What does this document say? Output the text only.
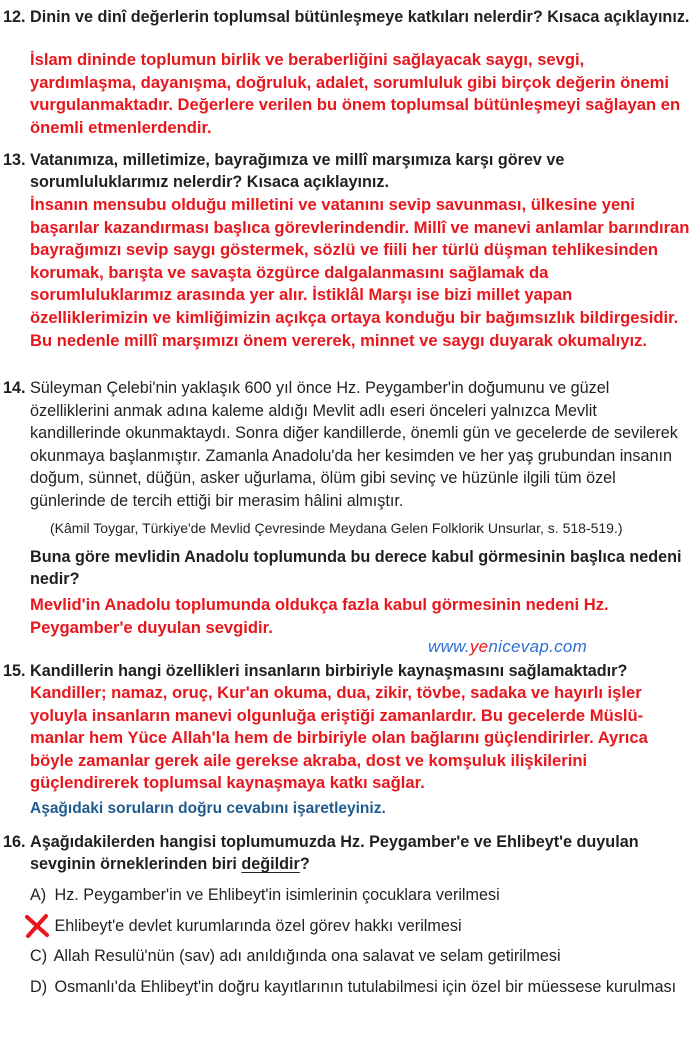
12. Dinin ve dinî değerlerin toplumsal bütünleşmeye katkıları nelerdir? Kısaca açıklayınız.
İslam dininde toplumun birlik ve beraberliğini sağlayacak saygı, sevgi, yardımlaşma, dayanışma, doğruluk, adalet, sorumluluk gibi birçok değerin önemi vurgulanmaktadır. Değerlere verilen bu önem toplumsal bütünleşmeyi sağlayan en önemli etmenlerdendir.
13. Vatanımıza, milletimize, bayrağımıza ve millî marşımıza karşı görev ve sorumluluklarımız nelerdir? Kısaca açıklayınız.
İnsanın mensubu olduğu milletini ve vatanını sevip savunması, ülkesine yeni başarılar kazandırması başlıca görevlerindendir. Millî ve manevi anlamlar barındıran bayrağımızı sevip saygı göstermek, sözlü ve fiili her türlü düşman tehlikesinden korumak, barışta ve savaşta özgürce dalgalanmasını sağlamak da sorumluluklarımız arasında yer alır. İstiklâl Marşı ise bizi millet yapan özelliklerimizin ve kimliğimizin açıkça ortaya konduğu bir bağımsızlık bildirgesidir. Bu nedenle millî marşımızı önem vererek, minnet ve saygı duyarak okumalıyız.
14. Süleyman Çelebi'nin yaklaşık 600 yıl önce Hz. Peygamber'in doğumunu ve güzel özelliklerini anmak adına kaleme aldığı Mevlit adlı eseri önceleri yalnızca Mevlit kandillerinde okunmaktaydı. Sonra diğer kandillerde, önemli gün ve gecelerde de sevilerek okunmaya başlanmıştır. Zamanla Anadolu'da her kesimden ve her yaş grubundan insanın doğum, sünnet, düğün, asker uğurlama, ölüm gibi sevinç ve hüzünle ilgili tüm özel günlerinde de tercih ettiği bir merasim hâlini almıştır.
(Kâmil Toygar, Türkiye'de Mevlid Çevresinde Meydana Gelen Folklorik Unsurlar, s. 518-519.)
Buna göre mevlidin Anadolu toplumunda bu derece kabul görmesinin başlıca nedeni nedir?
Mevlid'in Anadolu toplumunda oldukça fazla kabul görmesinin nedeni Hz. Peygamber'e duyulan sevgidir.
www.yenicevap.com
15. Kandillerin hangi özellikleri insanların birbiriyle kaynaşmasını sağlamaktadır?
Kandiller; namaz, oruç, Kur'an okuma, dua, zikir, tövbe, sadaka ve hayırlı işler yoluyla insanların manevi olgunluğa eriştiği zamanlardır. Bu gecelerde Müslü- manlar hem Yüce Allah'la hem de birbiriyle olan bağlarını güçlendirirler. Ayrıca böyle zamanlar gerek aile gerekse akraba, dost ve komşuluk ilişkilerini güçlendirerek toplumsal kaynaşmaya katkı sağlar.
Aşağıdaki soruların doğru cevabını işaretleyiniz.
16. Aşağıdakilerden hangisi toplumumuzda Hz. Peygamber'e ve Ehlibeyt'e duyulan sevginin örneklerinden biri değildir?
A) Hz. Peygamber'in ve Ehlibeyt'in isimlerinin çocuklara verilmesi
Ehlibeyt'e devlet kurumlarında özel görev hakkı verilmesi
C) Allah Resulü'nün (sav) adı anıldığında ona salavat ve selam getirilmesi
D) Osmanlı'da Ehlibeyt'in doğru kayıtlarının tutulabilmesi için özel bir müessese kurulması
